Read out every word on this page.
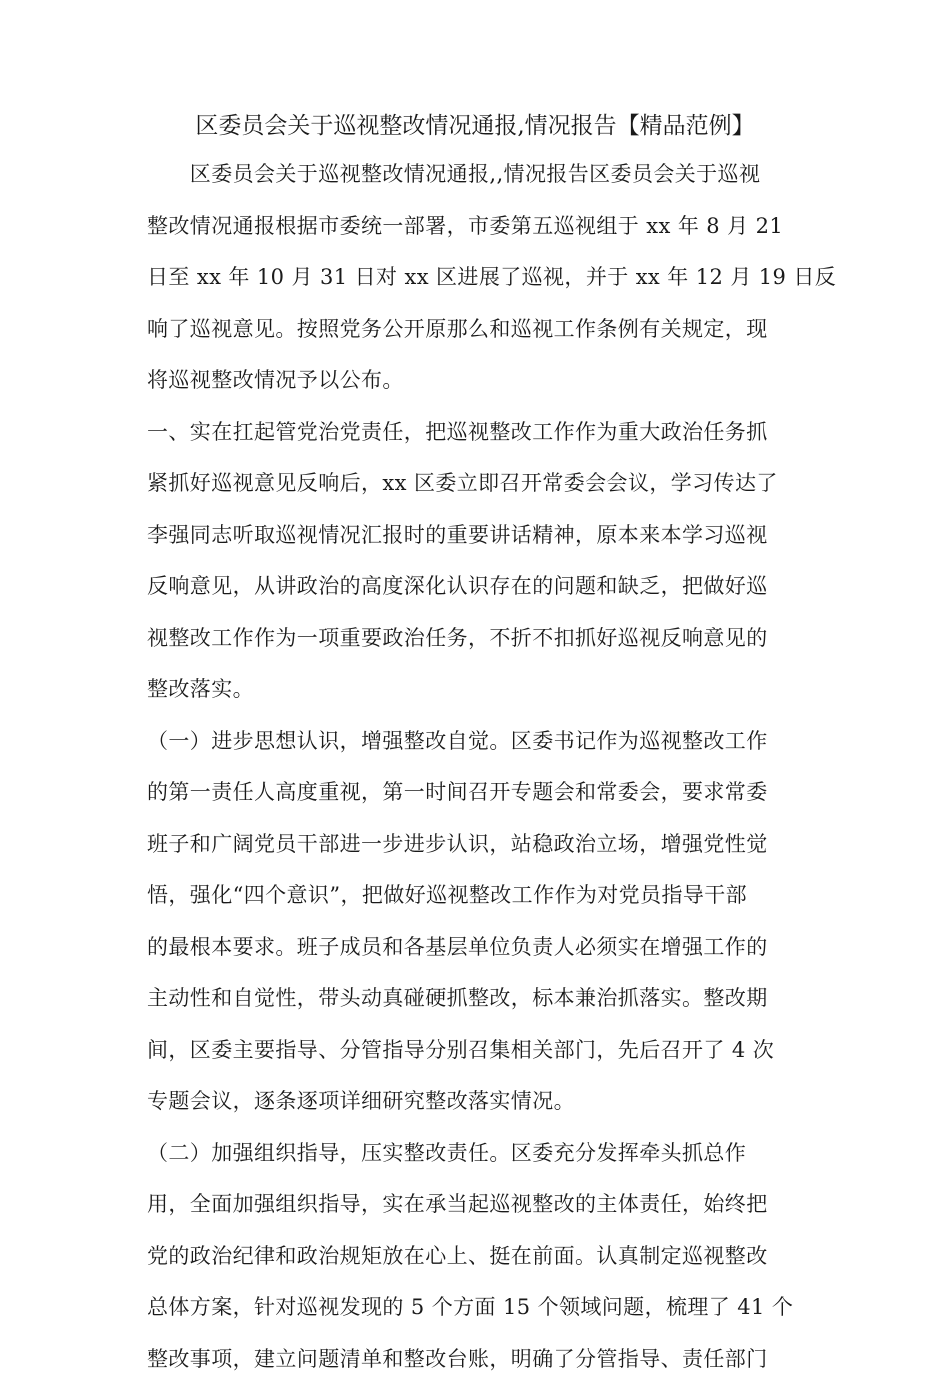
区委员会关于巡视整改情况通报,情况报告【精品范例】
　　区委员会关于巡视整改情况通报,,情况报告区委员会关于巡视
整改情况通报根据市委统一部署，市委第五巡视组于 xx 年 8 月 21
日至 xx 年 10 月 31 日对 xx 区进展了巡视，并于 xx 年 12 月 19 日反
响了巡视意见。按照党务公开原那么和巡视工作条例有关规定，现
将巡视整改情况予以公布。
一、实在扛起管党治党责任，把巡视整改工作作为重大政治任务抓
紧抓好巡视意见反响后，xx 区委立即召开常委会会议，学习传达了
李强同志听取巡视情况汇报时的重要讲话精神，原本来本学习巡视
反响意见，从讲政治的高度深化认识存在的问题和缺乏，把做好巡
视整改工作作为一项重要政治任务，不折不扣抓好巡视反响意见的
整改落实。
（一）进步思想认识，增强整改自觉。区委书记作为巡视整改工作
的第一责任人高度重视，第一时间召开专题会和常委会，要求常委
班子和广阔党员干部进一步进步认识，站稳政治立场，增强党性觉
悟，强化“四个意识”，把做好巡视整改工作作为对党员指导干部
的最根本要求。班子成员和各基层单位负责人必须实在增强工作的
主动性和自觉性，带头动真碰硬抓整改，标本兼治抓落实。整改期
间，区委主要指导、分管指导分别召集相关部门，先后召开了 4 次
专题会议，逐条逐项详细研究整改落实情况。
（二）加强组织指导，压实整改责任。区委充分发挥牵头抓总作
用，全面加强组织指导，实在承当起巡视整改的主体责任，始终把
党的政治纪律和政治规矩放在心上、挺在前面。认真制定巡视整改
总体方案，针对巡视发现的 5 个方面 15 个领域问题，梳理了 41 个
整改事项，建立问题清单和整改台账，明确了分管指导、责任部门
